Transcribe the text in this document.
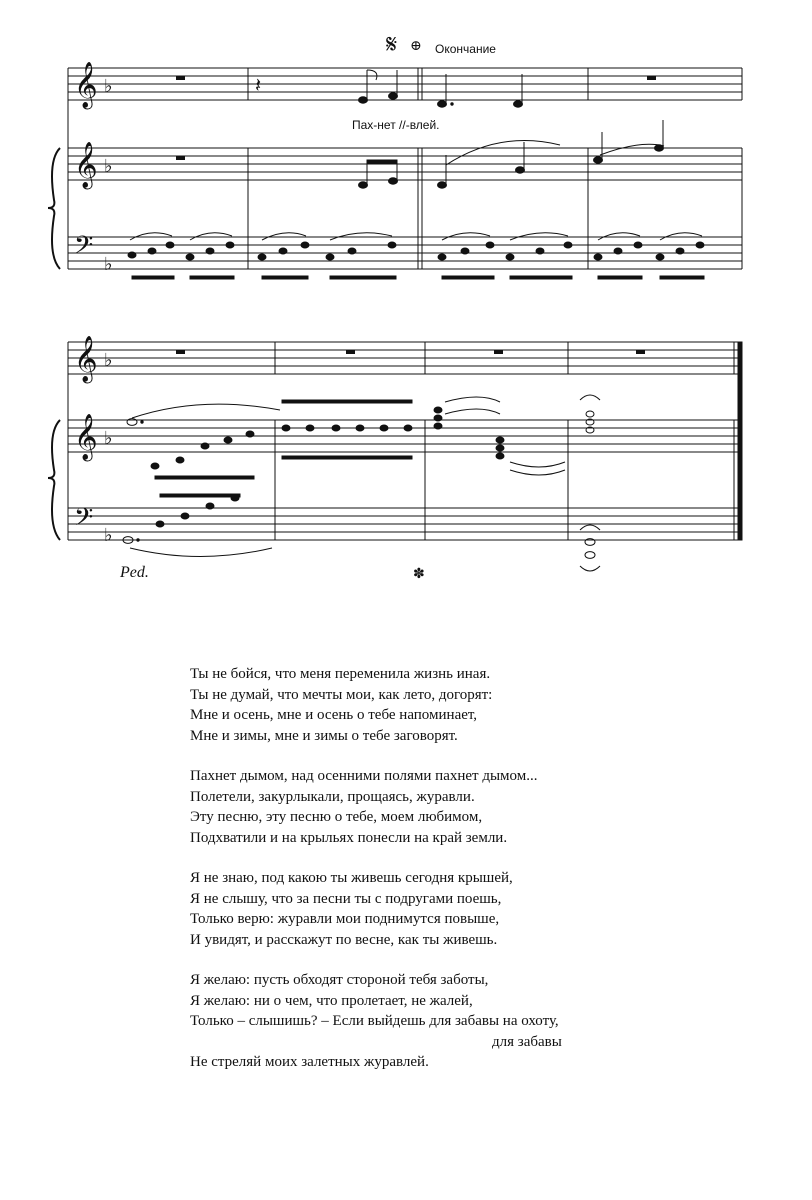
𝄞
𝄞
𝄢
𝄞
𝄞
𝄢
♭
♭
♭
♭
♭
♭
𝄽
𝄋 ⊕ Окончание
Пах-нет //-влей.
Ped.	✽
Ты не бойся, что меня переменила жизнь иная.
Ты не думай, что мечты мои, как лето, догорят:
Мне и осень, мне и осень о тебе напоминает,
Мне и зимы, мне и зимы о тебе заговорят.
Пахнет дымом, над осенними полями пахнет дымом...
Полетели, закурлыкали, прощаясь, журавли.
Эту песню, эту песню о тебе, моем любимом,
Подхватили и на крыльях понесли на край земли.
Я не знаю, под какою ты живешь сегодня крышей,
Я не слышу, что за песни ты с подругами поешь,
Только верю: журавли мои поднимутся повыше,
И увидят, и расскажут по весне, как ты живешь.
Я желаю: пусть обходят стороной тебя заботы,
Я желаю: ни о чем, что пролетает, не жалей,
Только – слышишь? – Если выйдешь для забавы на охоту,
для забавы
Не стреляй моих залетных журавлей.
